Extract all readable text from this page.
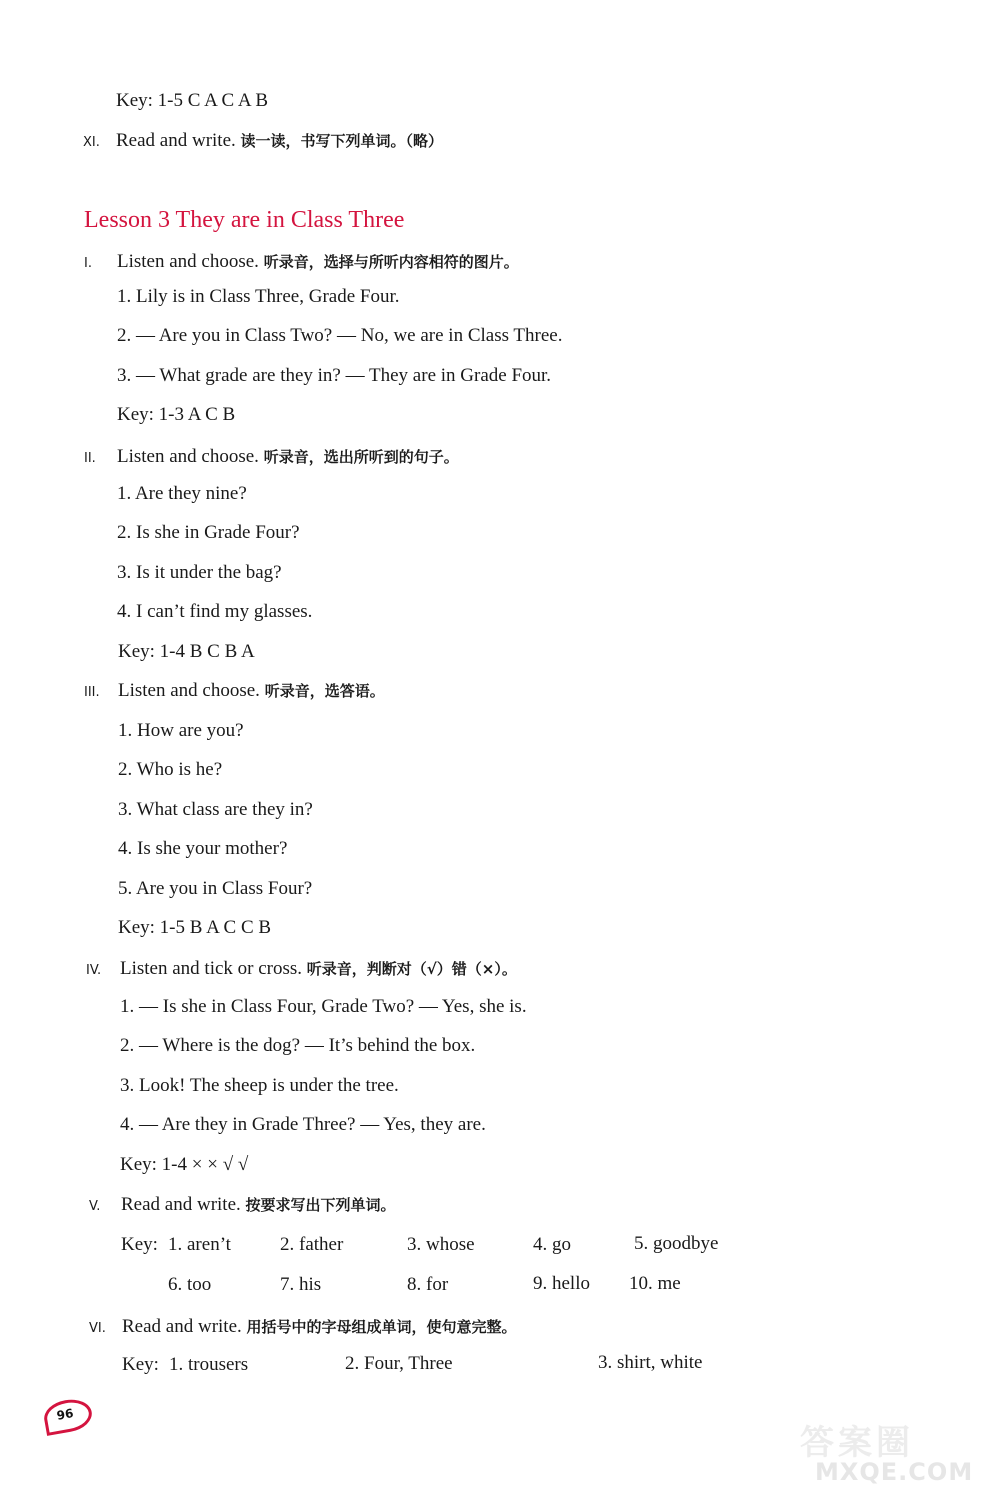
Key: 1-5 C A C A B
XI. Read and write. 读一读，书写下列单词。（略）
Lesson 3 They are in Class Three
I. Listen and choose. 听录音，选择与所听内容相符的图片。
1. Lily is in Class Three, Grade Four.
2. — Are you in Class Two? — No, we are in Class Three.
3. — What grade are they in? — They are in Grade Four.
Key: 1-3 A C B
II. Listen and choose. 听录音，选出所听到的句子。
1. Are they nine?
2. Is she in Grade Four?
3. Is it under the bag?
4. I can’t find my glasses.
Key: 1-4 B C B A
III. Listen and choose. 听录音，选答语。
1. How are you?
2. Who is he?
3. What class are they in?
4. Is she your mother?
5. Are you in Class Four?
Key: 1-5 B A C C B
IV. Listen and tick or cross. 听录音，判断对（√）错（×）。
1. — Is she in Class Four, Grade Two? — Yes, she is.
2. — Where is the dog? — It’s behind the box.
3. Look! The sheep is under the tree.
4. — Are they in Grade Three? — Yes, they are.
Key: 1-4 × × √ √
V. Read and write. 按要求写出下列单词。
Key: 1. aren’t	2. father	3. whose	4. go	5. goodbye
6. too	7. his	8. for	9. hello 10. me
VI. Read and write. 用括号中的字母组成单词，使句意完整。
Key: 1. trousers	2. Four, Three	3. shirt, white
96
答案圈
MXQE.COM
